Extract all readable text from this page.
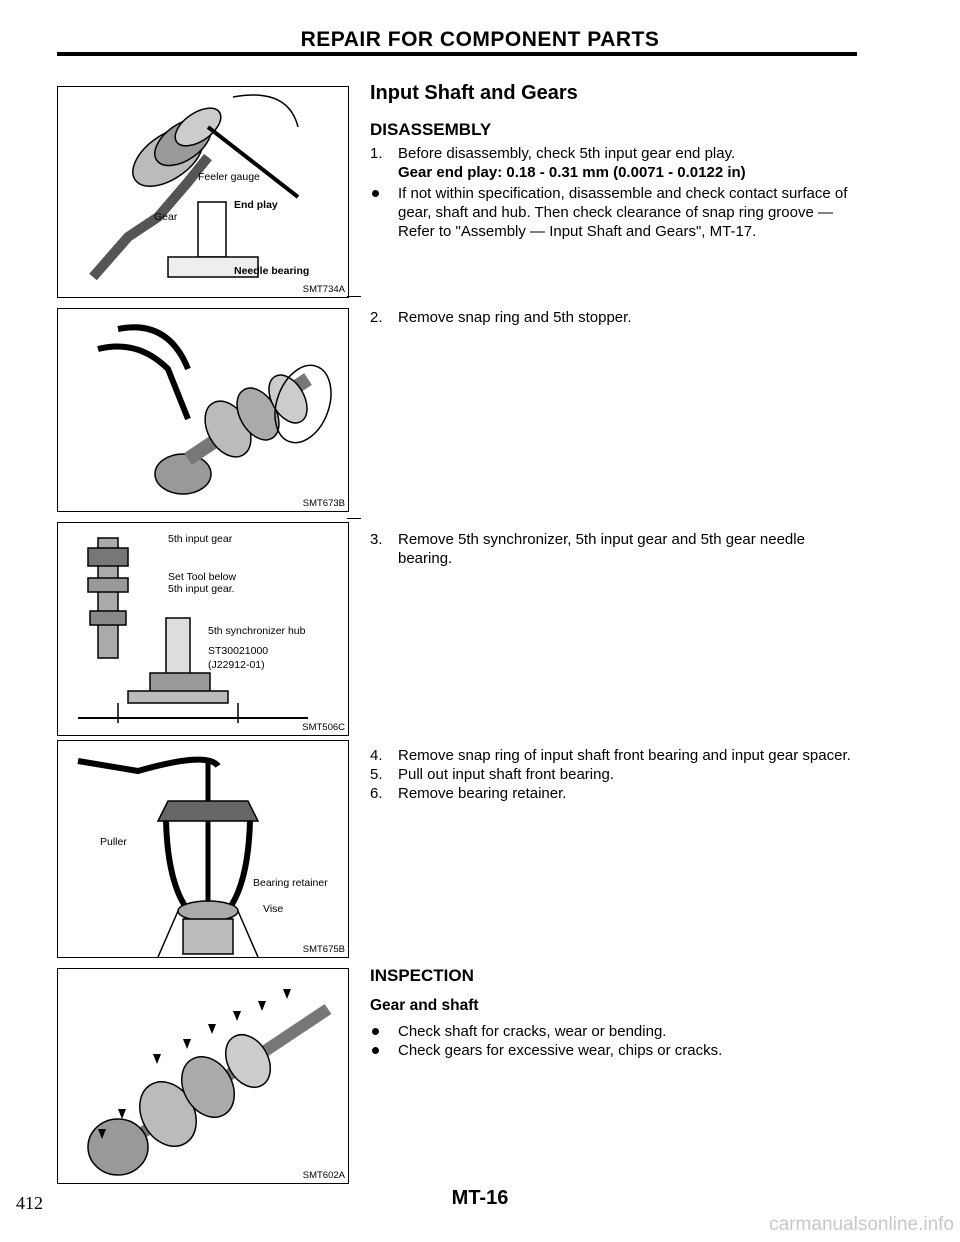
REPAIR FOR COMPONENT PARTS
Feeler gauge
End play
Gear
Needle bearing
SMT734A
SMT673B
5th input gear
Set Tool below
5th input gear.
5th synchronizer hub
ST30021000
(J22912-01)
SMT506C
Puller
Bearing retainer
Vise
SMT675B
SMT602A
Input Shaft and Gears
DISASSEMBLY
1. Before disassembly, check 5th input gear end play.
Gear end play: 0.18 - 0.31 mm (0.0071 - 0.0122 in)
If not within specification, disassemble and check contact surface of gear, shaft and hub. Then check clearance of snap ring groove — Refer to "Assembly — Input Shaft and Gears", MT-17.
2. Remove snap ring and 5th stopper.
3. Remove 5th synchronizer, 5th input gear and 5th gear needle bearing.
4. Remove snap ring of input shaft front bearing and input gear spacer.
5. Pull out input shaft front bearing.
6. Remove bearing retainer.
INSPECTION
Gear and shaft
Check shaft for cracks, wear or bending.
Check gears for excessive wear, chips or cracks.
MT-16
412
carmanualsonline.info
